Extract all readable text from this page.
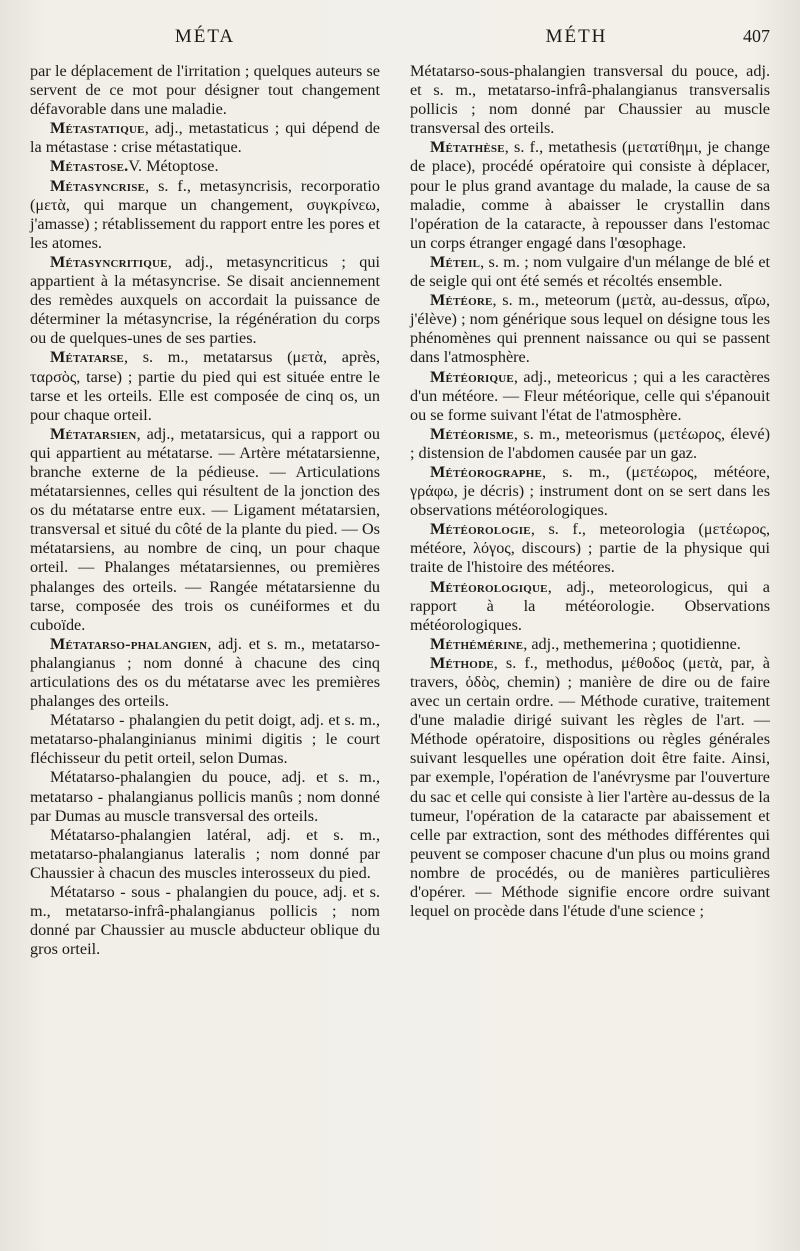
MÉTA

par le déplacement de l'irritation ; quelques auteurs se servent de ce mot pour désigner tout changement défavorable dans une maladie.

Métastatique, adj., metastaticus ; qui dépend de la métastase : crise métastatique.

Métastose.V. Métoptose.

Métasyncrise, s. f., metasyncrisis, recorporatio (μετὰ, qui marque un changement, συγκρίνεω, j'amasse) ; rétablissement du rapport entre les pores et les atomes.

Métasyncritique, adj., metasyncriticus ; qui appartient à la métasyncrise. Se disait anciennement des remèdes auxquels on accordait la puissance de déterminer la métasyncrise, la régénération du corps ou de quelques-unes de ses parties.

Métatarse, s. m., metatarsus (μετὰ, après, ταρσὸς, tarse) ; partie du pied qui est située entre le tarse et les orteils. Elle est composée de cinq os, un pour chaque orteil.

Métatarsien, adj., metatarsicus, qui a rapport ou qui appartient au métatarse. — Artère métatarsienne, branche externe de la pédieuse. — Articulations métatarsiennes, celles qui résultent de la jonction des os du métatarse entre eux. — Ligament métatarsien, transversal et situé du côté de la plante du pied. — Os métatarsiens, au nombre de cinq, un pour chaque orteil. — Phalanges métatarsiennes, ou premières phalanges des orteils. — Rangée métatarsienne du tarse, composée des trois os cunéiformes et du cuboïde.

Métatarso-phalangien, adj. et s. m., metatarso-phalangianus ; nom donné à chacune des cinq articulations des os du métatarse avec les premières phalanges des orteils.

Métatarso - phalangien du petit doigt, adj. et s. m., metatarso-phalanginianus minimi digitis ; le court fléchisseur du petit orteil, selon Dumas.

Métatarso-phalangien du pouce, adj. et s. m., metatarso - phalangianus pollicis manûs ; nom donné par Dumas au muscle transversal des orteils.

Métatarso-phalangien latéral, adj. et s. m., metatarso-phalangianus lateralis ; nom donné par Chaussier à chacun des muscles interosseux du pied.

Métatarso - sous - phalangien du pouce, adj. et s. m., metatarso-infrâ-phalangianus pollicis ; nom donné par Chaussier au muscle abducteur oblique du gros orteil.

MÉTH	407

Métatarso-sous-phalangien transversal du pouce, adj. et s. m., metatarso-infrâ-phalangianus transversalis pollicis ; nom donné par Chaussier au muscle transversal des orteils.

Métathèse, s. f., metathesis (μετατίθημι, je change de place), procédé opératoire qui consiste à déplacer, pour le plus grand avantage du malade, la cause de sa maladie, comme à abaisser le crystallin dans l'opération de la cataracte, à repousser dans l'estomac un corps étranger engagé dans l'œsophage.

Méteil, s. m. ; nom vulgaire d'un mélange de blé et de seigle qui ont été semés et récoltés ensemble.

Météore, s. m., meteorum (μετὰ, au-dessus, αἴρω, j'élève) ; nom générique sous lequel on désigne tous les phénomènes qui prennent naissance ou qui se passent dans l'atmosphère.

Météorique, adj., meteoricus ; qui a les caractères d'un météore. — Fleur météorique, celle qui s'épanouit ou se forme suivant l'état de l'atmosphère.

Météorisme, s. m., meteorismus (μετέωρος, élevé) ; distension de l'abdomen causée par un gaz.

Météorographe, s. m., (μετέωρος, météore, γράφω, je décris) ; instrument dont on se sert dans les observations météorologiques.

Météorologie, s. f., meteorologia (μετέωρος, météore, λόγος, discours) ; partie de la physique qui traite de l'histoire des météores.

Météorologique, adj., meteorologicus, qui a rapport à la météorologie. Observations météorologiques.

Méthémérine, adj., methemerina ; quotidienne.

Méthode, s. f., methodus, μέθοδος (μετὰ, par, à travers, ὁδὸς, chemin) ; manière de dire ou de faire avec un certain ordre. — Méthode curative, traitement d'une maladie dirigé suivant les règles de l'art. — Méthode opératoire, dispositions ou règles générales suivant lesquelles une opération doit être faite. Ainsi, par exemple, l'opération de l'anévrysme par l'ouverture du sac et celle qui consiste à lier l'artère au-dessus de la tumeur, l'opération de la cataracte par abaissement et celle par extraction, sont des méthodes différentes qui peuvent se composer chacune d'un plus ou moins grand nombre de procédés, ou de manières particulières d'opérer. — Méthode signifie encore ordre suivant lequel on procède dans l'étude d'une science ;
